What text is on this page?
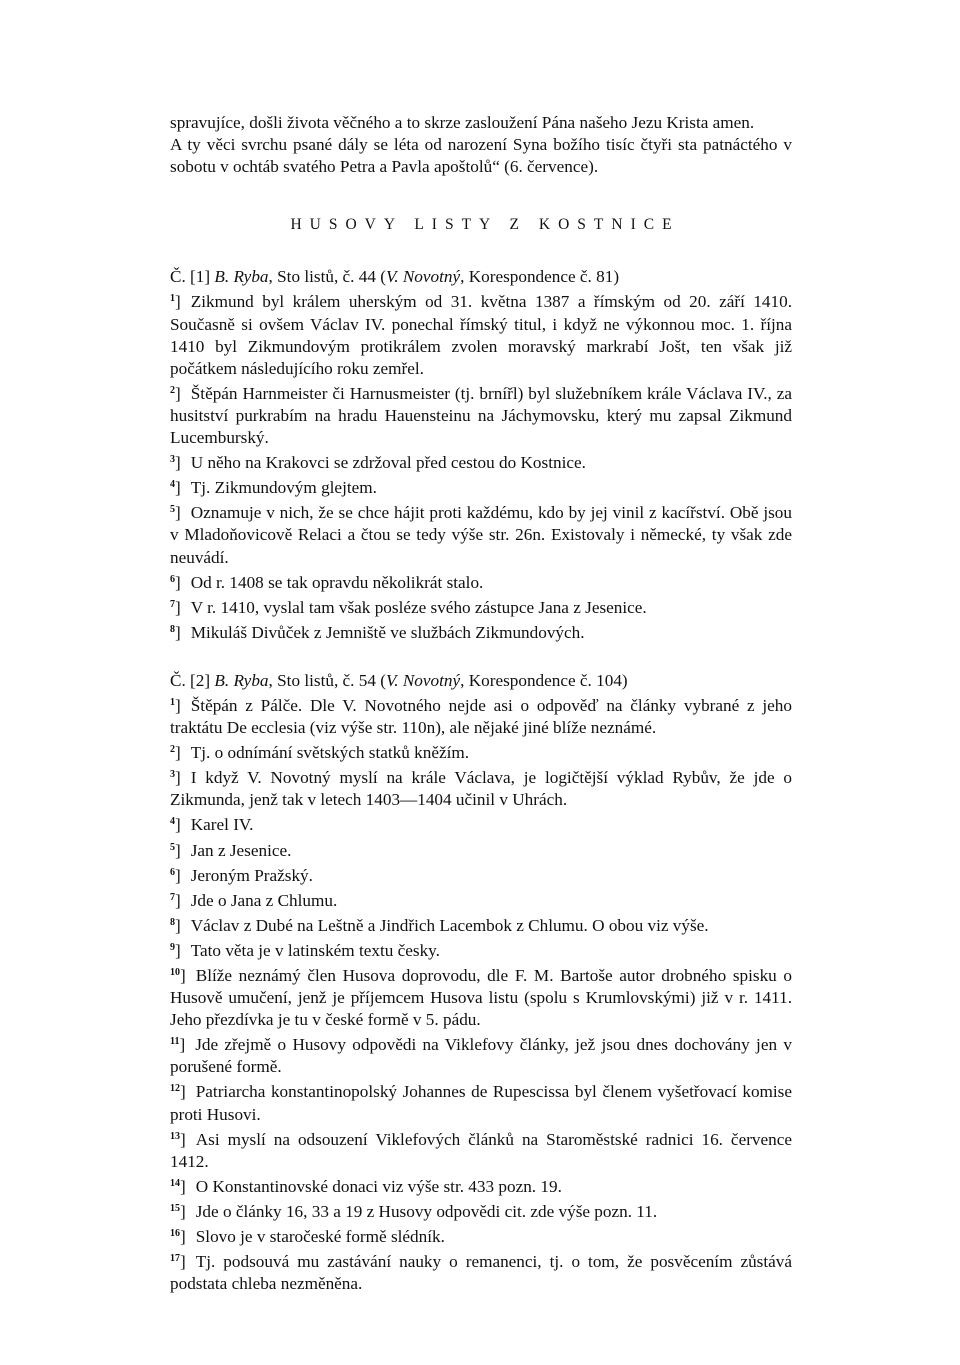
spravujíce, došli života věčného a to skrze zasloužení Pána našeho Jezu Krista amen.
A ty věci svrchu psané dály se léta od narození Syna božího tisíc čtyři sta patnáctého v sobotu v ochtáb svatého Petra a Pavla apoštolů“ (6. července).
HUSOVY LISTY Z KOSTNICE
Č. [1] B. Ryba, Sto listů, č. 44 (V. Novotný, Korespondence č. 81)
1] Zikmund byl králem uherským od 31. května 1387 a římským od 20. září 1410. Současně si ovšem Václav IV. ponechal římský titul, i když ne výkonnou moc. 1. října 1410 byl Zikmundovým protikrálem zvolen moravský markrabí Jošt, ten však již počátkem následujícího roku zemřel.
2] Štěpán Harnmeister či Harnusmeister (tj. brnířl) byl služebníkem krále Václava IV., za husitství purkrabím na hradu Hauensteinu na Jáchymovsku, který mu zapsal Zikmund Lucemburský.
3] U něho na Krakovci se zdržoval před cestou do Kostnice.
4] Tj. Zikmundovým glejtem.
5] Oznamuje v nich, že se chce hájit proti každému, kdo by jej vinil z kacířství. Obě jsou v Mladoňovicově Relaci a čtou se tedy výše str. 26n. Existovaly i německé, ty však zde neuvádí.
6] Od r. 1408 se tak opravdu několikrát stalo.
7] V r. 1410, vyslal tam však posléze svého zástupce Jana z Jesenice.
8] Mikuláš Divůček z Jemniště ve službách Zikmundových.
Č. [2] B. Ryba, Sto listů, č. 54 (V. Novotný, Korespondence č. 104)
1] Štěpán z Pálče. Dle V. Novotného nejde asi o odpověď na články vybrané z jeho traktátu De ecclesia (viz výše str. 110n), ale nějaké jiné blíže neznámé.
2] Tj. o odnímání světských statků kněžím.
3] I když V. Novotný myslí na krále Václava, je logičtější výklad Rybův, že jde o Zikmunda, jenž tak v letech 1403—1404 učinil v Uhrách.
4] Karel IV.
5] Jan z Jesenice.
6] Jeroným Pražský.
7] Jde o Jana z Chlumu.
8] Václav z Dubé na Leštně a Jindřich Lacembok z Chlumu. O obou viz výše.
9] Tato věta je v latinském textu česky.
10] Blíže neznámý člen Husova doprovodu, dle F. M. Bartoše autor drobného spisku o Husově umučení, jenž je příjemcem Husova listu (spolu s Krumlovskými) již v r. 1411. Jeho přezdívka je tu v české formě v 5. pádu.
11] Jde zřejmě o Husovy odpovědi na Viklefovy články, jež jsou dnes dochovány jen v porušené formě.
12] Patriarcha konstantinopolský Johannes de Rupescissa byl členem vyšetřovací komise proti Husovi.
13] Asi myslí na odsouzení Viklefových článků na Staroměstské radnici 16. července 1412.
14] O Konstantinovské donaci viz výše str. 433 pozn. 19.
15] Jde o články 16, 33 a 19 z Husovy odpovědi cit. zde výše pozn. 11.
16] Slovo je v staročeské formě slédník.
17] Tj. podsouvá mu zastávání nauky o remanenci, tj. o tom, že posvěcením zůstává podstata chleba nezměněna.
